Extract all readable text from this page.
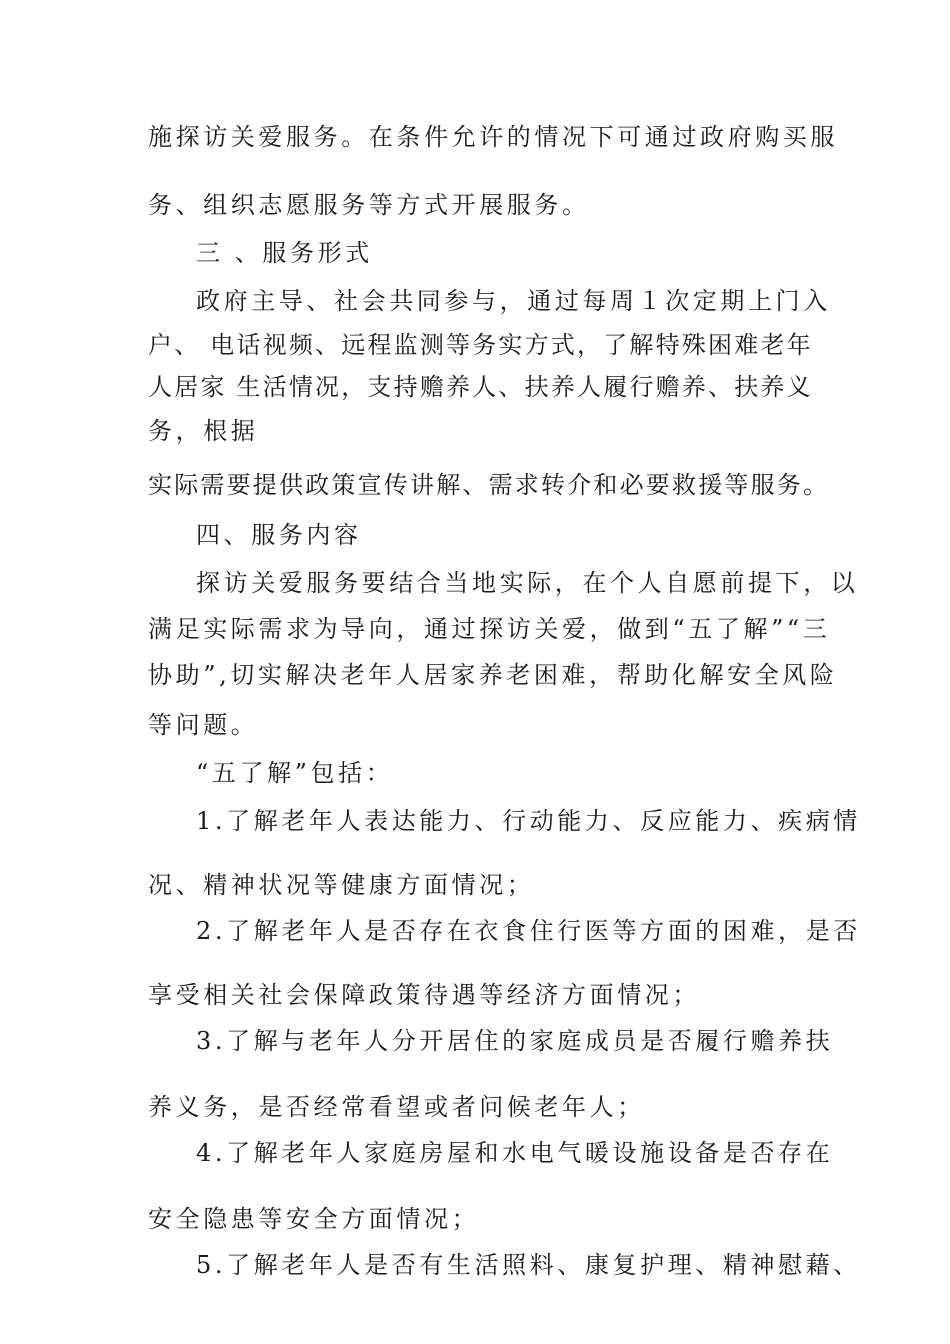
施探访关爱服务。在条件允许的情况下可通过政府购买服
务、组织志愿服务等方式开展服务。
三 、服务形式
政府主导、社会共同参与，通过每周１次定期上门入
户、 电话视频、远程监测等务实方式，了解特殊困难老年
人居家 生活情况，支持赡养人、扶养人履行赡养、扶养义
务，根据
实际需要提供政策宣传讲解、需求转介和必要救援等服务。
四、服务内容
探访关爱服务要结合当地实际，在个人自愿前提下，以
满足实际需求为导向，通过探访关爱，做到“五了解”“三
协助”,切实解决老年人居家养老困难，帮助化解安全风险
等问题。
“五了解”包括：
1.了解老年人表达能力、行动能力、反应能力、疾病情
况、精神状况等健康方面情况；
2.了解老年人是否存在衣食住行医等方面的困难，是否
享受相关社会保障政策待遇等经济方面情况；
3.了解与老年人分开居住的家庭成员是否履行赡养扶
养义务，是否经常看望或者问候老年人；
4.了解老年人家庭房屋和水电气暖设施设备是否存在
安全隐患等安全方面情况；
5.了解老年人是否有生活照料、康复护理、精神慰藉、
